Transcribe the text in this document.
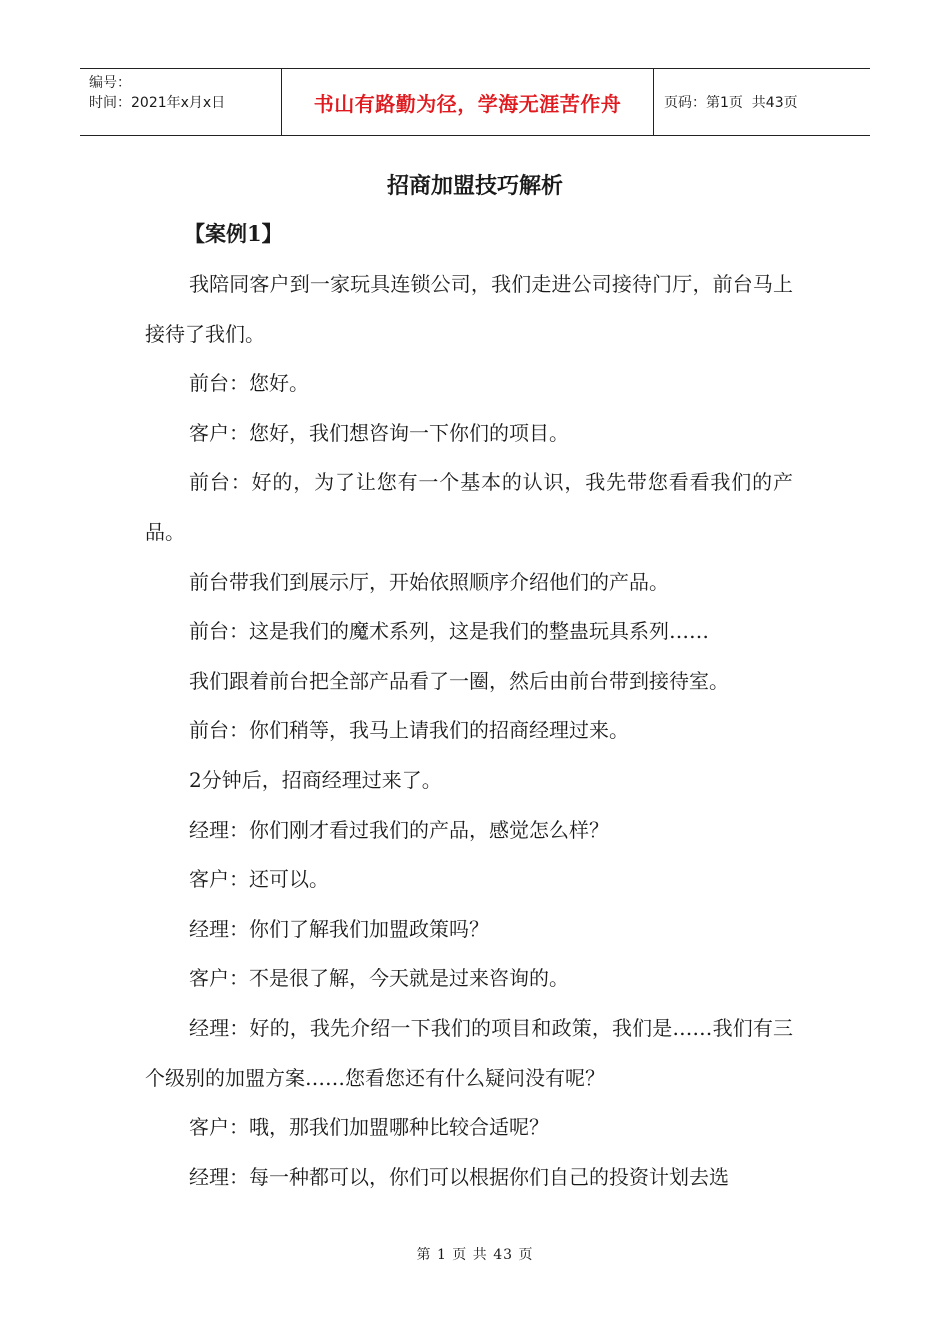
编号：
时间：2021年x月x日	书山有路勤为径，学海无涯苦作舟	页码：第1页  共43页
招商加盟技巧解析
【案例1】

我陪同客户到一家玩具连锁公司，我们走进公司接待门厅，前台马上接待了我们。

前台：您好。

客户：您好，我们想咨询一下你们的项目。

前台：好的，为了让您有一个基本的认识，我先带您看看我们的产品。

前台带我们到展示厅，开始依照顺序介绍他们的产品。

前台：这是我们的魔术系列，这是我们的整蛊玩具系列……

我们跟着前台把全部产品看了一圈，然后由前台带到接待室。

前台：你们稍等，我马上请我们的招商经理过来。

2分钟后，招商经理过来了。

经理：你们刚才看过我们的产品，感觉怎么样？

客户：还可以。

经理：你们了解我们加盟政策吗？

客户：不是很了解，今天就是过来咨询的。

经理：好的，我先介绍一下我们的项目和政策，我们是……我们有三个级别的加盟方案……您看您还有什么疑问没有呢？

客户：哦，那我们加盟哪种比较合适呢？

经理：每一种都可以，你们可以根据你们自己的投资计划去选

第 1 页 共 43 页
